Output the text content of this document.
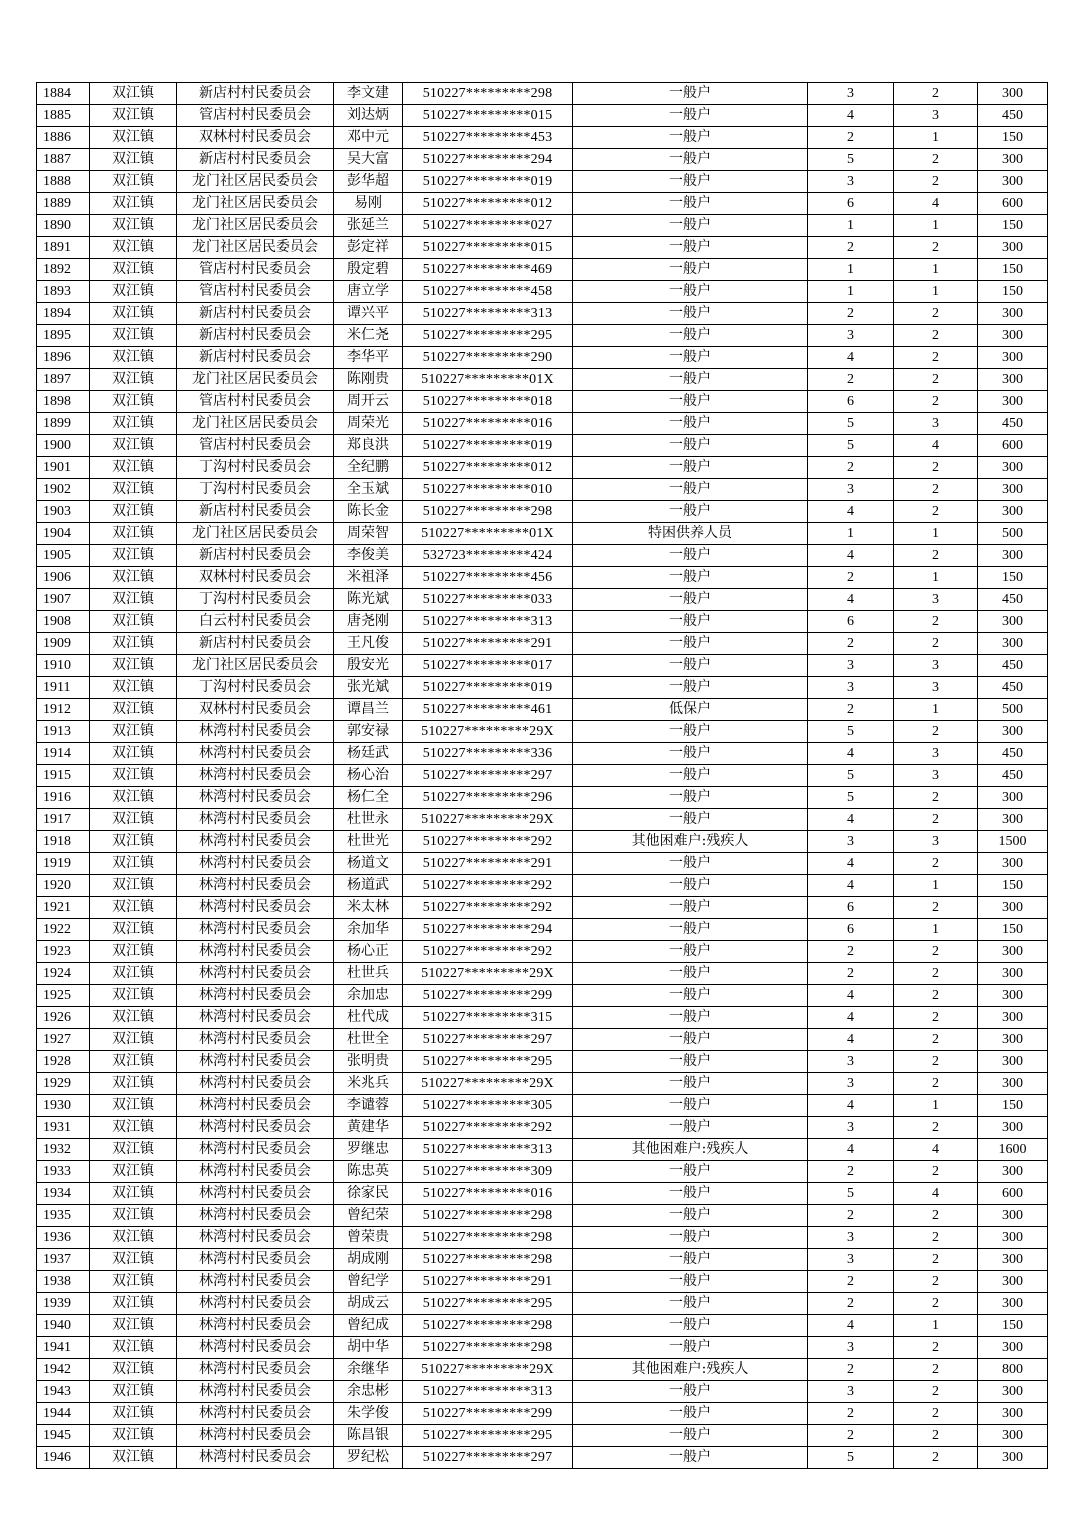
1884	双江镇	新店村村民委员会	李文建	510227*********298	一般户	3	2	300
1885	双江镇	管店村村民委员会	刘达炳	510227*********015	一般户	4	3	450
1886	双江镇	双林村村民委员会	邓中元	510227*********453	一般户	2	1	150
1887	双江镇	新店村村民委员会	吴大富	510227*********294	一般户	5	2	300
1888	双江镇	龙门社区居民委员会	彭华超	510227*********019	一般户	3	2	300
1889	双江镇	龙门社区居民委员会	易刚	510227*********012	一般户	6	4	600
1890	双江镇	龙门社区居民委员会	张延兰	510227*********027	一般户	1	1	150
1891	双江镇	龙门社区居民委员会	彭定祥	510227*********015	一般户	2	2	300
1892	双江镇	管店村村民委员会	殷定碧	510227*********469	一般户	1	1	150
1893	双江镇	管店村村民委员会	唐立学	510227*********458	一般户	1	1	150
1894	双江镇	新店村村民委员会	谭兴平	510227*********313	一般户	2	2	300
1895	双江镇	新店村村民委员会	米仁尧	510227*********295	一般户	3	2	300
1896	双江镇	新店村村民委员会	李华平	510227*********290	一般户	4	2	300
1897	双江镇	龙门社区居民委员会	陈刚贵	510227*********01X	一般户	2	2	300
1898	双江镇	管店村村民委员会	周开云	510227*********018	一般户	6	2	300
1899	双江镇	龙门社区居民委员会	周荣光	510227*********016	一般户	5	3	450
1900	双江镇	管店村村民委员会	郑良洪	510227*********019	一般户	5	4	600
1901	双江镇	丁沟村村民委员会	全纪鹏	510227*********012	一般户	2	2	300
1902	双江镇	丁沟村村民委员会	全玉斌	510227*********010	一般户	3	2	300
1903	双江镇	新店村村民委员会	陈长金	510227*********298	一般户	4	2	300
1904	双江镇	龙门社区居民委员会	周荣智	510227*********01X	特困供养人员	1	1	500
1905	双江镇	新店村村民委员会	李俊美	532723*********424	一般户	4	2	300
1906	双江镇	双林村村民委员会	米祖泽	510227*********456	一般户	2	1	150
1907	双江镇	丁沟村村民委员会	陈光斌	510227*********033	一般户	4	3	450
1908	双江镇	白云村村民委员会	唐尧刚	510227*********313	一般户	6	2	300
1909	双江镇	新店村村民委员会	王凡俊	510227*********291	一般户	2	2	300
1910	双江镇	龙门社区居民委员会	殷安光	510227*********017	一般户	3	3	450
1911	双江镇	丁沟村村民委员会	张光斌	510227*********019	一般户	3	3	450
1912	双江镇	双林村村民委员会	谭昌兰	510227*********461	低保户	2	1	500
1913	双江镇	林湾村村民委员会	郭安禄	510227*********29X	一般户	5	2	300
1914	双江镇	林湾村村民委员会	杨廷武	510227*********336	一般户	4	3	450
1915	双江镇	林湾村村民委员会	杨心治	510227*********297	一般户	5	3	450
1916	双江镇	林湾村村民委员会	杨仁全	510227*********296	一般户	5	2	300
1917	双江镇	林湾村村民委员会	杜世永	510227*********29X	一般户	4	2	300
1918	双江镇	林湾村村民委员会	杜世光	510227*********292	其他困难户:残疾人	3	3	1500
1919	双江镇	林湾村村民委员会	杨道文	510227*********291	一般户	4	2	300
1920	双江镇	林湾村村民委员会	杨道武	510227*********292	一般户	4	1	150
1921	双江镇	林湾村村民委员会	米太林	510227*********292	一般户	6	2	300
1922	双江镇	林湾村村民委员会	余加华	510227*********294	一般户	6	1	150
1923	双江镇	林湾村村民委员会	杨心正	510227*********292	一般户	2	2	300
1924	双江镇	林湾村村民委员会	杜世兵	510227*********29X	一般户	2	2	300
1925	双江镇	林湾村村民委员会	余加忠	510227*********299	一般户	4	2	300
1926	双江镇	林湾村村民委员会	杜代成	510227*********315	一般户	4	2	300
1927	双江镇	林湾村村民委员会	杜世全	510227*********297	一般户	4	2	300
1928	双江镇	林湾村村民委员会	张明贵	510227*********295	一般户	3	2	300
1929	双江镇	林湾村村民委员会	米兆兵	510227*********29X	一般户	3	2	300
1930	双江镇	林湾村村民委员会	李谴蓉	510227*********305	一般户	4	1	150
1931	双江镇	林湾村村民委员会	黄建华	510227*********292	一般户	3	2	300
1932	双江镇	林湾村村民委员会	罗继忠	510227*********313	其他困难户:残疾人	4	4	1600
1933	双江镇	林湾村村民委员会	陈忠英	510227*********309	一般户	2	2	300
1934	双江镇	林湾村村民委员会	徐家民	510227*********016	一般户	5	4	600
1935	双江镇	林湾村村民委员会	曾纪荣	510227*********298	一般户	2	2	300
1936	双江镇	林湾村村民委员会	曾荣贵	510227*********298	一般户	3	2	300
1937	双江镇	林湾村村民委员会	胡成刚	510227*********298	一般户	3	2	300
1938	双江镇	林湾村村民委员会	曾纪学	510227*********291	一般户	2	2	300
1939	双江镇	林湾村村民委员会	胡成云	510227*********295	一般户	2	2	300
1940	双江镇	林湾村村民委员会	曾纪成	510227*********298	一般户	4	1	150
1941	双江镇	林湾村村民委员会	胡中华	510227*********298	一般户	3	2	300
1942	双江镇	林湾村村民委员会	余继华	510227*********29X	其他困难户:残疾人	2	2	800
1943	双江镇	林湾村村民委员会	余忠彬	510227*********313	一般户	3	2	300
1944	双江镇	林湾村村民委员会	朱学俊	510227*********299	一般户	2	2	300
1945	双江镇	林湾村村民委员会	陈昌银	510227*********295	一般户	2	2	300
1946	双江镇	林湾村村民委员会	罗纪松	510227*********297	一般户	5	2	300
